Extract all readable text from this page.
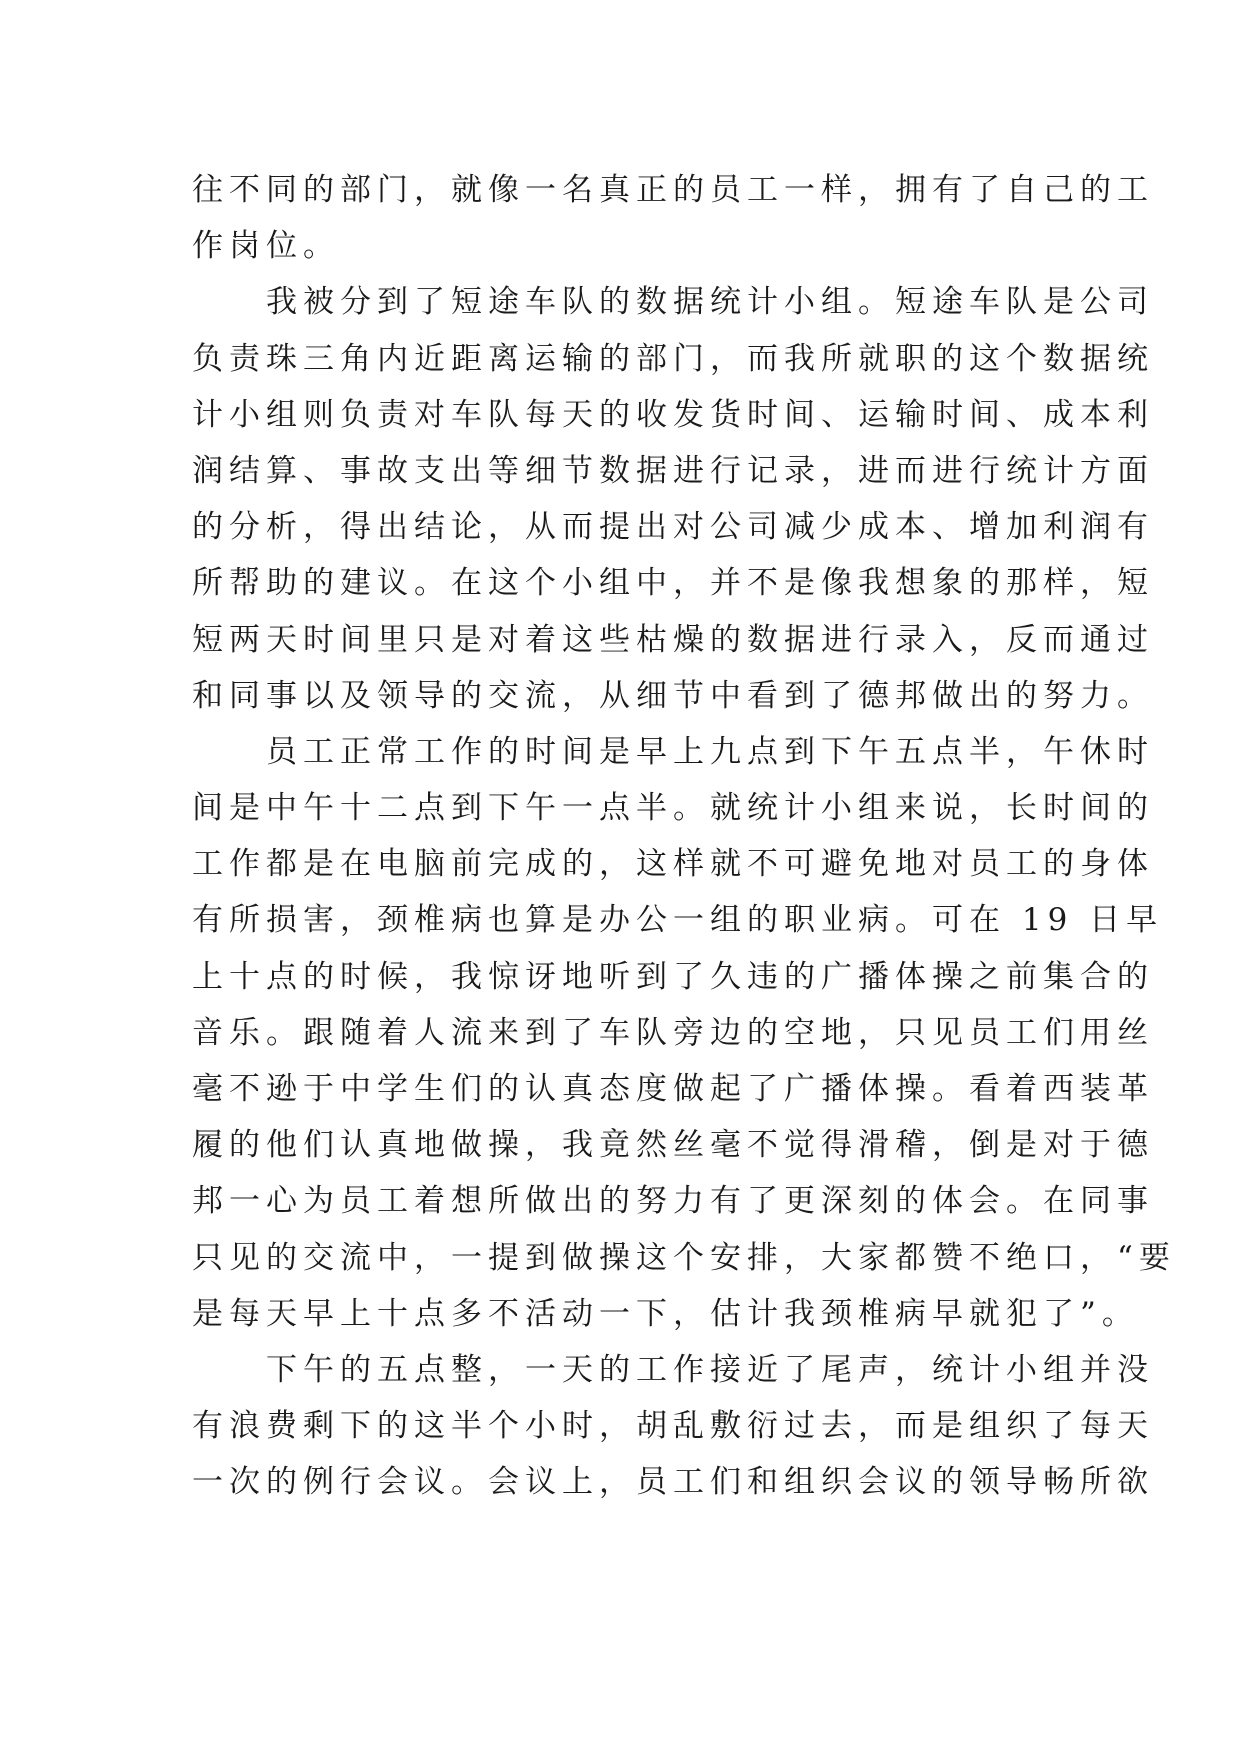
往不同的部门，就像一名真正的员工一样，拥有了自己的工
作岗位。
我被分到了短途车队的数据统计小组。短途车队是公司
负责珠三角内近距离运输的部门，而我所就职的这个数据统
计小组则负责对车队每天的收发货时间、运输时间、成本利
润结算、事故支出等细节数据进行记录，进而进行统计方面
的分析，得出结论，从而提出对公司减少成本、增加利润有
所帮助的建议。在这个小组中，并不是像我想象的那样，短
短两天时间里只是对着这些枯燥的数据进行录入，反而通过
和同事以及领导的交流，从细节中看到了德邦做出的努力。
员工正常工作的时间是早上九点到下午五点半，午休时
间是中午十二点到下午一点半。就统计小组来说，长时间的
工作都是在电脑前完成的，这样就不可避免地对员工的身体
有所损害，颈椎病也算是办公一组的职业病。可在 19 日早
上十点的时候，我惊讶地听到了久违的广播体操之前集合的
音乐。跟随着人流来到了车队旁边的空地，只见员工们用丝
毫不逊于中学生们的认真态度做起了广播体操。看着西装革
履的他们认真地做操，我竟然丝毫不觉得滑稽，倒是对于德
邦一心为员工着想所做出的努力有了更深刻的体会。在同事
只见的交流中，一提到做操这个安排，大家都赞不绝口，“要
是每天早上十点多不活动一下，估计我颈椎病早就犯了”。
下午的五点整，一天的工作接近了尾声，统计小组并没
有浪费剩下的这半个小时，胡乱敷衍过去，而是组织了每天
一次的例行会议。会议上，员工们和组织会议的领导畅所欲
